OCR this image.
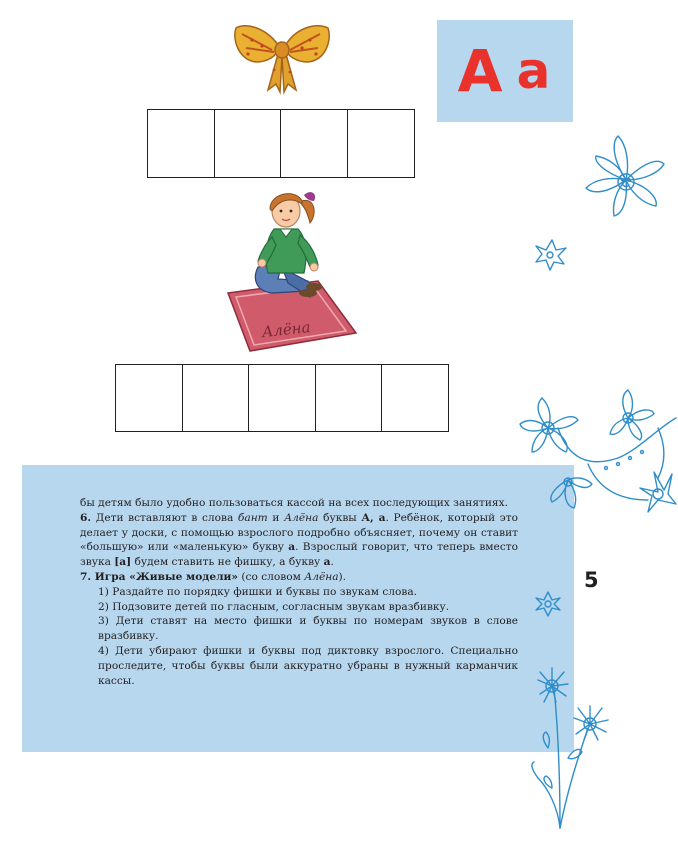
А а
Алёна

бы детям было удобно пользоваться кассой на всех последующих занятиях.

6. Дети вставляют в слова бант и Алёна буквы А, а. Ребёнок, который это делает у доски, с помощью взрослого подробно объясняет, почему он ставит «большую» или «маленькую» букву а. Взрослый говорит, что теперь вместо звука [а] будем ставить не фишку, а букву а.

7. Игра «Живые модели» (со словом Алёна).

1) Раздайте по порядку фишки и буквы по звукам слова.

2) Подзовите детей по гласным, согласным звукам вразбивку.

3) Дети ставят на место фишки и буквы по номерам звуков в слове вразбивку.

4) Дети убирают фишки и буквы под диктовку взрослого. Специально проследите, чтобы буквы были аккуратно убраны в нужный карманчик кассы.

5
